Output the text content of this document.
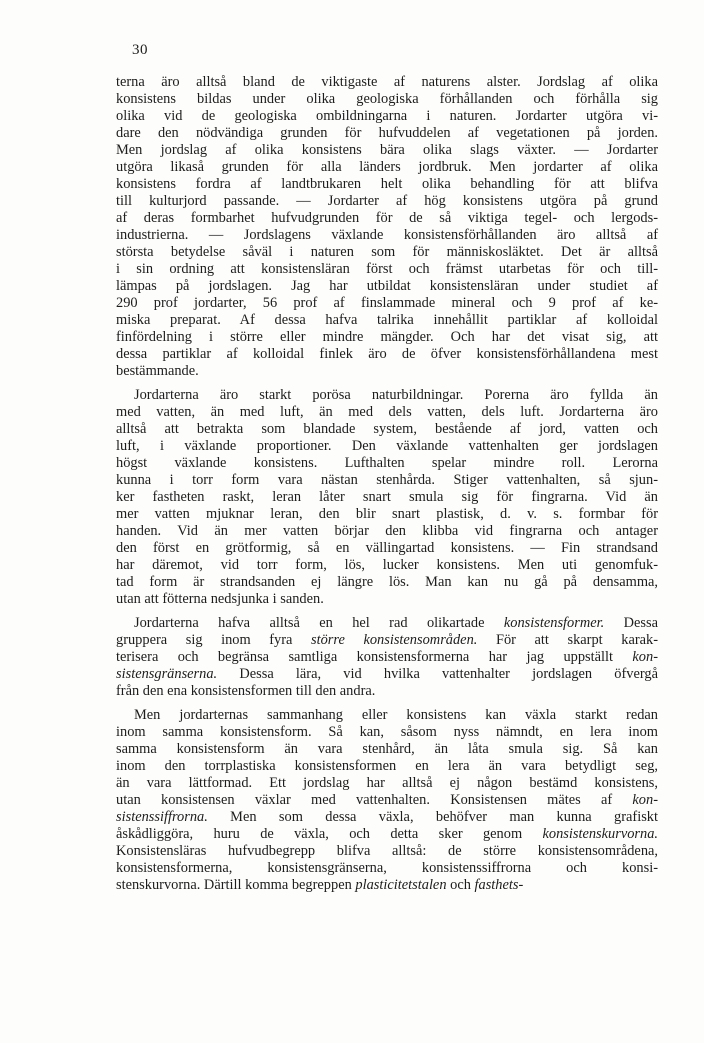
30
terna äro alltså bland de viktigaste af naturens alster. Jordslag af olika
konsistens bildas under olika geologiska förhållanden och förhålla sig
olika vid de geologiska ombildningarna i naturen. Jordarter utgöra vi-
dare den nödvändiga grunden för hufvuddelen af vegetationen på jorden.
Men jordslag af olika konsistens bära olika slags växter. — Jordarter
utgöra likaså grunden för alla länders jordbruk. Men jordarter af olika
konsistens fordra af landtbrukaren helt olika behandling för att blifva
till kulturjord passande. — Jordarter af hög konsistens utgöra på grund
af deras formbarhet hufvudgrunden för de så viktiga tegel- och lergods-
industrierna. — Jordslagens växlande konsistensförhållanden äro alltså af
största betydelse såväl i naturen som för människosläktet. Det är alltså
i sin ordning att konsistensläran först och främst utarbetas för och till-
lämpas på jordslagen. Jag har utbildat konsistensläran under studiet af
290 prof jordarter, 56 prof af finslammade mineral och 9 prof af ke-
miska preparat. Af dessa hafva talrika innehållit partiklar af kolloidal
finfördelning i större eller mindre mängder. Och har det visat sig, att
dessa partiklar af kolloidal finlek äro de öfver konsistensförhållandena mest
bestämmande.
Jordarterna äro starkt porösa naturbildningar. Porerna äro fyllda än
med vatten, än med luft, än med dels vatten, dels luft. Jordarterna äro
alltså att betrakta som blandade system, bestående af jord, vatten och
luft, i växlande proportioner. Den växlande vattenhalten ger jordslagen
högst växlande konsistens. Lufthalten spelar mindre roll. Lerorna
kunna i torr form vara nästan stenhårda. Stiger vattenhalten, så sjun-
ker fastheten raskt, leran låter snart smula sig för fingrarna. Vid än
mer vatten mjuknar leran, den blir snart plastisk, d. v. s. formbar för
handen. Vid än mer vatten börjar den klibba vid fingrarna och antager
den först en grötformig, så en vällingartad konsistens. — Fin strandsand
har däremot, vid torr form, lös, lucker konsistens. Men uti genomfuk-
tad form är strandsanden ej längre lös. Man kan nu gå på densamma,
utan att fötterna nedsjunka i sanden.
Jordarterna hafva alltså en hel rad olikartade konsistensformer. Dessa
gruppera sig inom fyra större konsistensområden. För att skarpt karak-
terisera och begränsa samtliga konsistensformerna har jag uppställt kon-
sistensgränserna. Dessa lära, vid hvilka vattenhalter jordslagen öfvergå
från den ena konsistensformen till den andra.
Men jordarternas sammanhang eller konsistens kan växla starkt redan
inom samma konsistensform. Så kan, såsom nyss nämndt, en lera inom
samma konsistensform än vara stenhård, än låta smula sig. Så kan
inom den torrplastiska konsistensformen en lera än vara betydligt seg,
än vara lättformad. Ett jordslag har alltså ej någon bestämd konsistens,
utan konsistensen växlar med vattenhalten. Konsistensen mätes af kon-
sistenssiffrorna. Men som dessa växla, behöfver man kunna grafiskt
åskådliggöra, huru de växla, och detta sker genom konsistenskurvorna.
Konsistensläras hufvudbegrepp blifva alltså: de större konsistensområdena,
konsistensformerna, konsistensgränserna, konsistenssiffrorna och konsi-
stenskurvorna. Därtill komma begreppen plasticitetstalen och fasthets-
